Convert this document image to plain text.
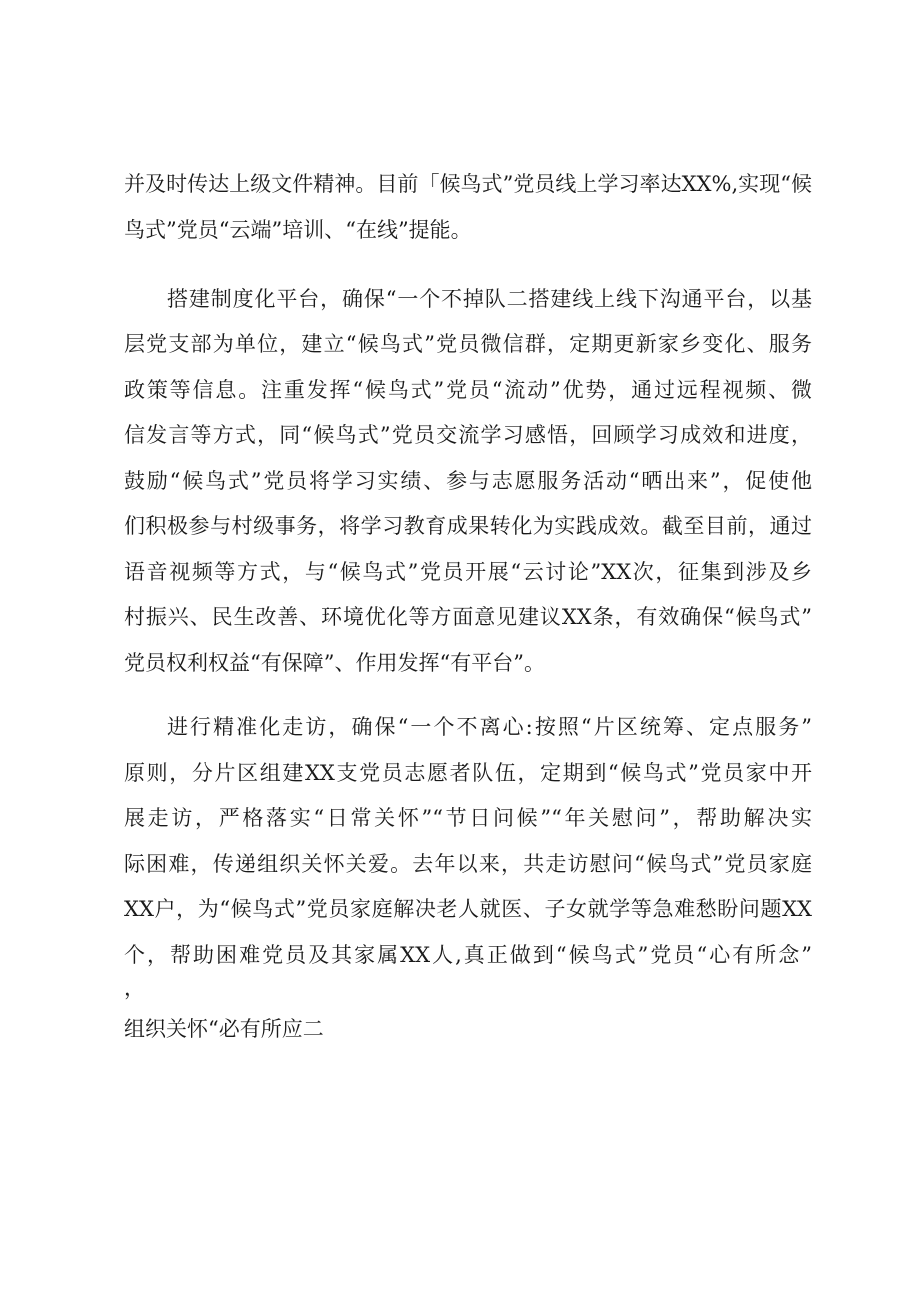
并及时传达上级文件精神。目前「候鸟式”党员线上学习率达XX%,实现“候
鸟式”党员“云端”培训、“在线”提能。
搭建制度化平台，确保“一个不掉队二搭建线上线下沟通平台，以基
层党支部为单位，建立“候鸟式”党员微信群，定期更新家乡变化、服务
政策等信息。注重发挥“候鸟式”党员“流动”优势，通过远程视频、微
信发言等方式，同“候鸟式”党员交流学习感悟，回顾学习成效和进度，
鼓励“候鸟式”党员将学习实绩、参与志愿服务活动“晒出来”，促使他
们积极参与村级事务，将学习教育成果转化为实践成效。截至目前，通过
语音视频等方式，与“候鸟式”党员开展“云讨论”XX次，征集到涉及乡
村振兴、民生改善、环境优化等方面意见建议XX条，有效确保“候鸟式”
党员权利权益“有保障”、作用发挥“有平台”。
进行精准化走访，确保“一个不离心:按照“片区统筹、定点服务”
原则，分片区组建XX支党员志愿者队伍，定期到“候鸟式”党员家中开
展走访，严格落实“日常关怀”“节日问候”“年关慰问”，帮助解决实
际困难，传递组织关怀关爱。去年以来，共走访慰问“候鸟式”党员家庭
XX户，为“候鸟式”党员家庭解决老人就医、子女就学等急难愁盼问题XX
个，帮助困难党员及其家属XX人,真正做到“候鸟式”党员“心有所念”
，
组织关怀“必有所应二
